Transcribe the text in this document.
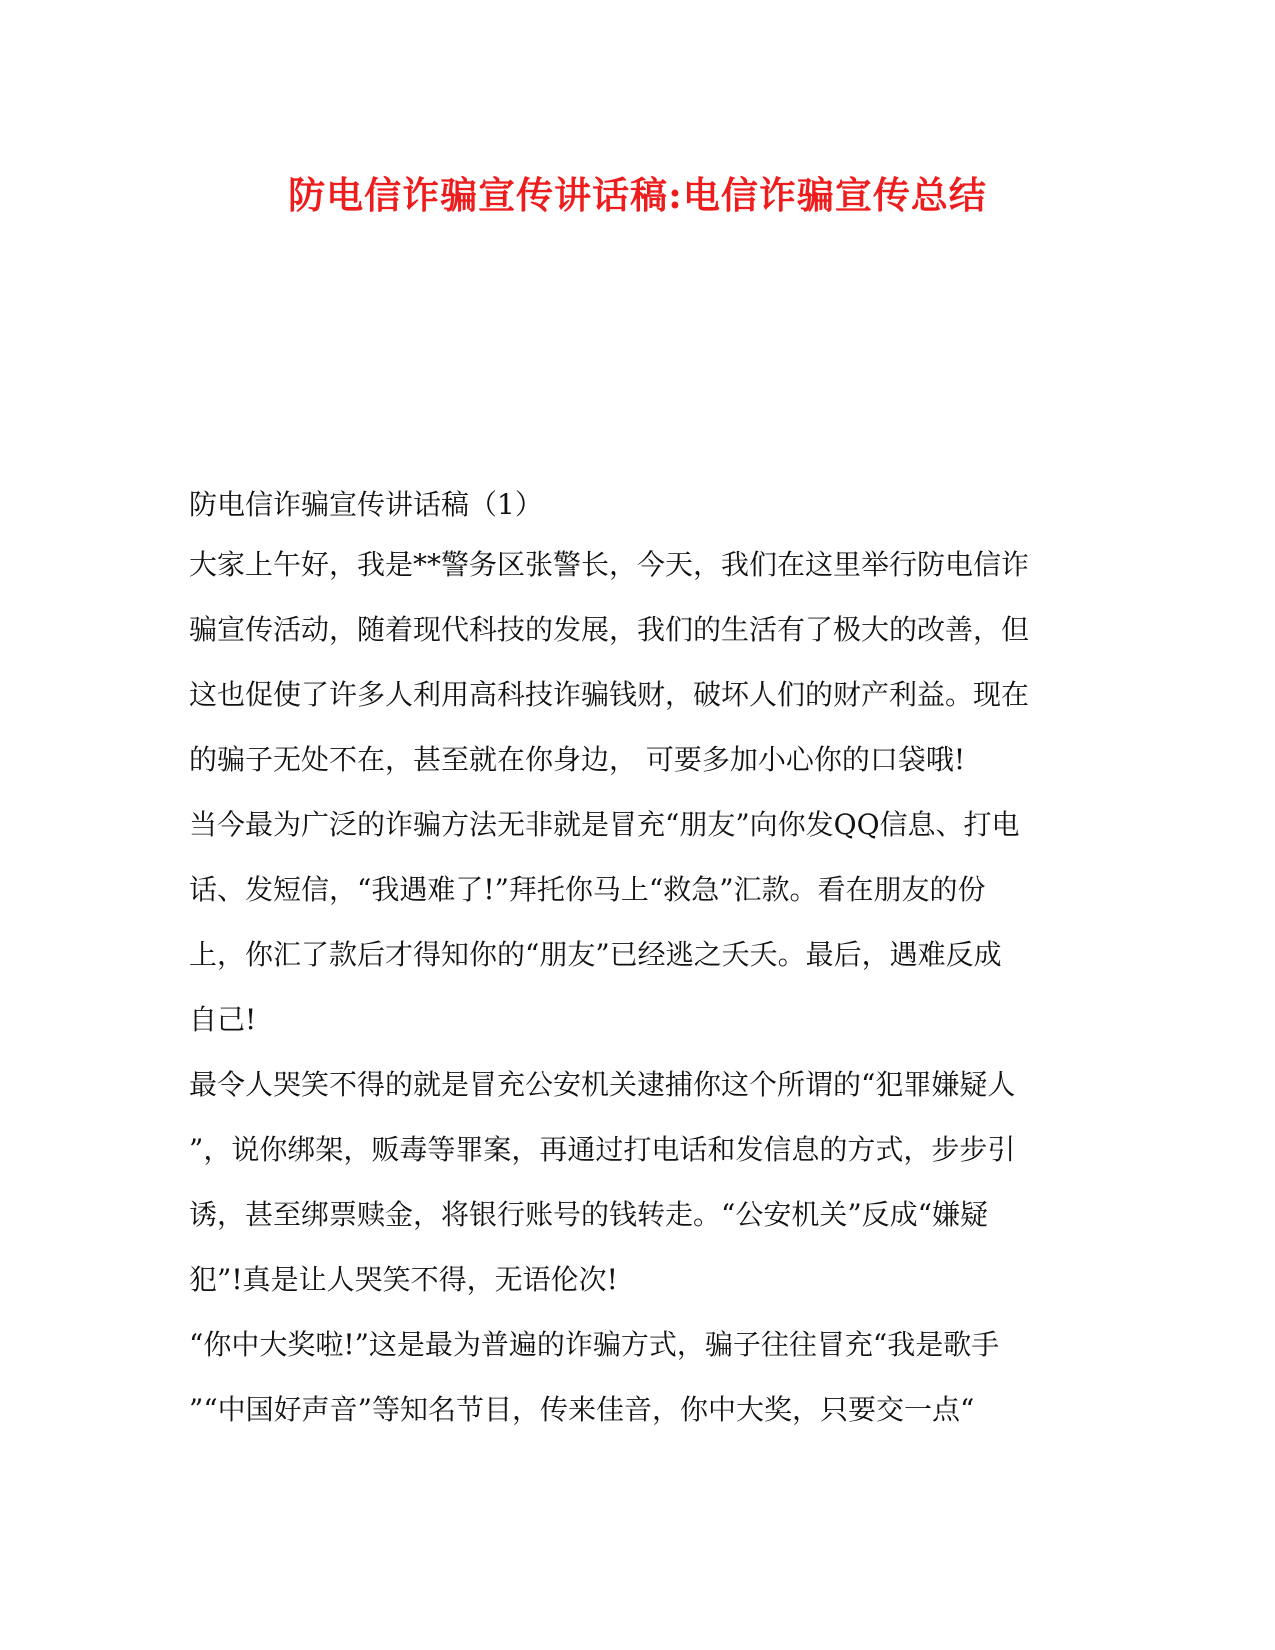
防电信诈骗宣传讲话稿:电信诈骗宣传总结
防电信诈骗宣传讲话稿（1）
大家上午好，我是**警务区张警长，今天，我们在这里举行防电信诈
骗宣传活动，随着现代科技的发展，我们的生活有了极大的改善，但
这也促使了许多人利用高科技诈骗钱财，破坏人们的财产利益。现在
的骗子无处不在，甚至就在你身边， 可要多加小心你的口袋哦!
当今最为广泛的诈骗方法无非就是冒充“朋友”向你发QQ信息、打电
话、发短信，“我遇难了!”拜托你马上“救急”汇款。看在朋友的份
上，你汇了款后才得知你的“朋友”已经逃之夭夭。最后，遇难反成
自己!
最令人哭笑不得的就是冒充公安机关逮捕你这个所谓的“犯罪嫌疑人
”，说你绑架，贩毒等罪案，再通过打电话和发信息的方式，步步引
诱，甚至绑票赎金，将银行账号的钱转走。“公安机关”反成“嫌疑
犯”!真是让人哭笑不得，无语伦次!
“你中大奖啦!”这是最为普遍的诈骗方式，骗子往往冒充“我是歌手
”“中国好声音”等知名节目，传来佳音，你中大奖，只要交一点“
